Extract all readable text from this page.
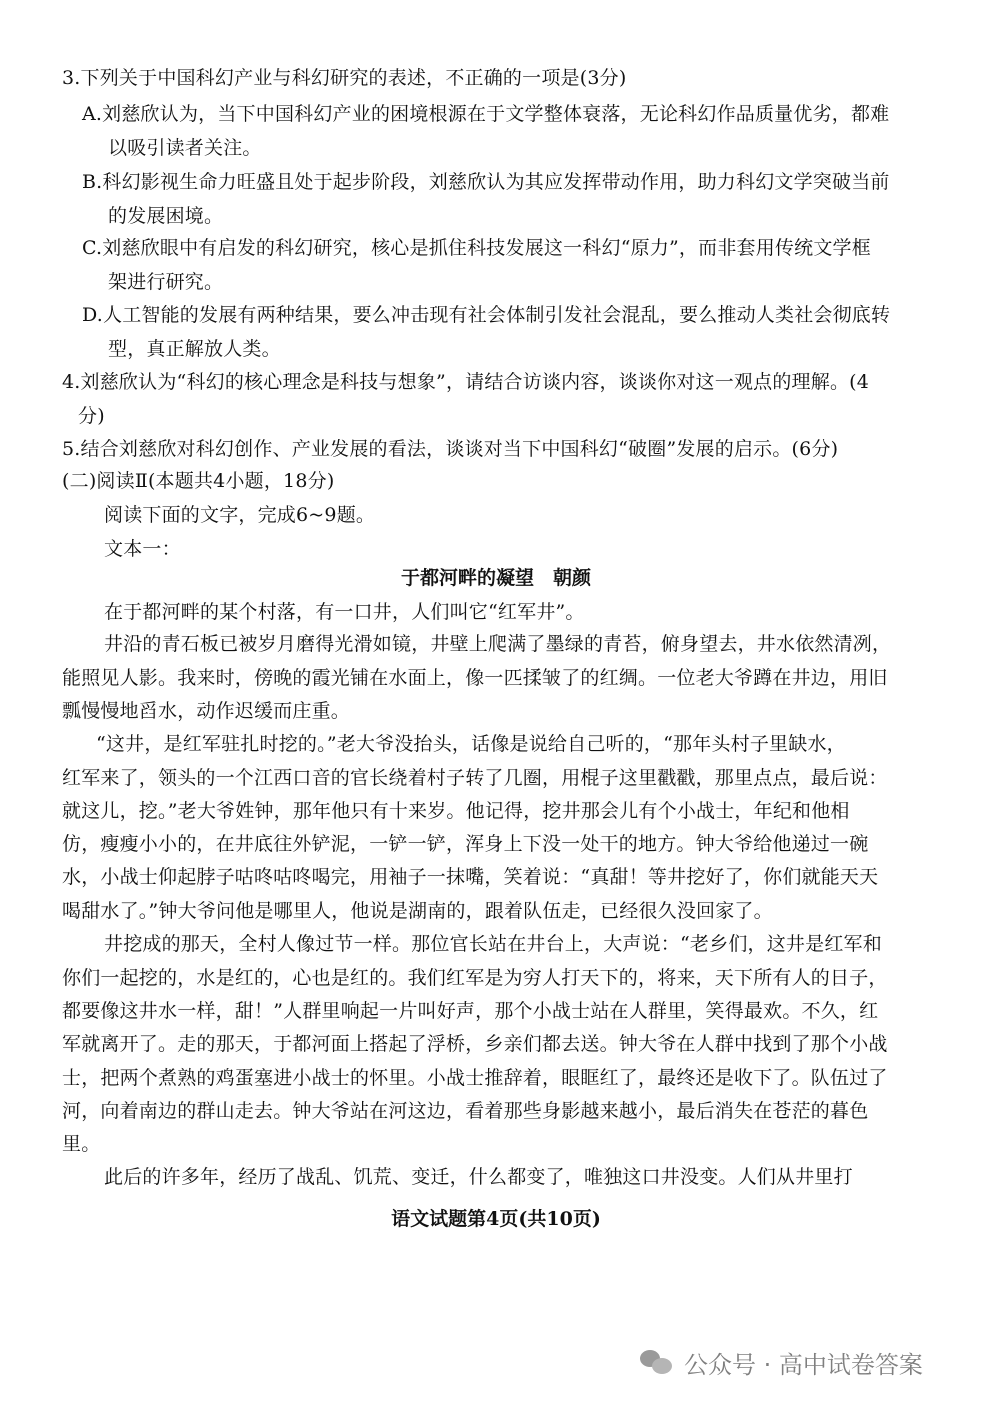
3.下列关于中国科幻产业与科幻研究的表述，不正确的一项是(3分)
A.刘慈欣认为，当下中国科幻产业的困境根源在于文学整体衰落，无论科幻作品质量优劣，都难
以吸引读者关注。
B.科幻影视生命力旺盛且处于起步阶段，刘慈欣认为其应发挥带动作用，助力科幻文学突破当前
的发展困境。
C.刘慈欣眼中有启发的科幻研究，核心是抓住科技发展这一科幻“原力”，而非套用传统文学框
架进行研究。
D.人工智能的发展有两种结果，要么冲击现有社会体制引发社会混乱，要么推动人类社会彻底转
型，真正解放人类。
4.刘慈欣认为“科幻的核心理念是科技与想象”，请结合访谈内容，谈谈你对这一观点的理解。(4
分)
5.结合刘慈欣对科幻创作、产业发展的看法，谈谈对当下中国科幻“破圈”发展的启示。(6分)
(二)阅读Ⅱ(本题共4小题，18分)
阅读下面的文字，完成6~9题。
文本一：
于都河畔的凝望　朝颜
在于都河畔的某个村落，有一口井，人们叫它“红军井”。
井沿的青石板已被岁月磨得光滑如镜，井壁上爬满了墨绿的青苔，俯身望去，井水依然清冽，
能照见人影。我来时，傍晚的霞光铺在水面上，像一匹揉皱了的红绸。一位老大爷蹲在井边，用旧
瓢慢慢地舀水，动作迟缓而庄重。
“这井，是红军驻扎时挖的。”老大爷没抬头，话像是说给自己听的，“那年头村子里缺水，
红军来了，领头的一个江西口音的官长绕着村子转了几圈，用棍子这里戳戳，那里点点，最后说：
就这儿，挖。”老大爷姓钟，那年他只有十来岁。他记得，挖井那会儿有个小战士，年纪和他相
仿，瘦瘦小小的，在井底往外铲泥，一铲一铲，浑身上下没一处干的地方。钟大爷给他递过一碗
水，小战士仰起脖子咕咚咕咚喝完，用袖子一抹嘴，笑着说：“真甜！等井挖好了，你们就能天天
喝甜水了。”钟大爷问他是哪里人，他说是湖南的，跟着队伍走，已经很久没回家了。
井挖成的那天，全村人像过节一样。那位官长站在井台上，大声说：“老乡们，这井是红军和
你们一起挖的，水是红的，心也是红的。我们红军是为穷人打天下的，将来，天下所有人的日子，
都要像这井水一样，甜！”人群里响起一片叫好声，那个小战士站在人群里，笑得最欢。不久，红
军就离开了。走的那天，于都河面上搭起了浮桥，乡亲们都去送。钟大爷在人群中找到了那个小战
士，把两个煮熟的鸡蛋塞进小战士的怀里。小战士推辞着，眼眶红了，最终还是收下了。队伍过了
河，向着南边的群山走去。钟大爷站在河这边，看着那些身影越来越小，最后消失在苍茫的暮色
里。
此后的许多年，经历了战乱、饥荒、变迁，什么都变了，唯独这口井没变。人们从井里打
语文试题第4页(共10页)
公众号 · 高中试卷答案
